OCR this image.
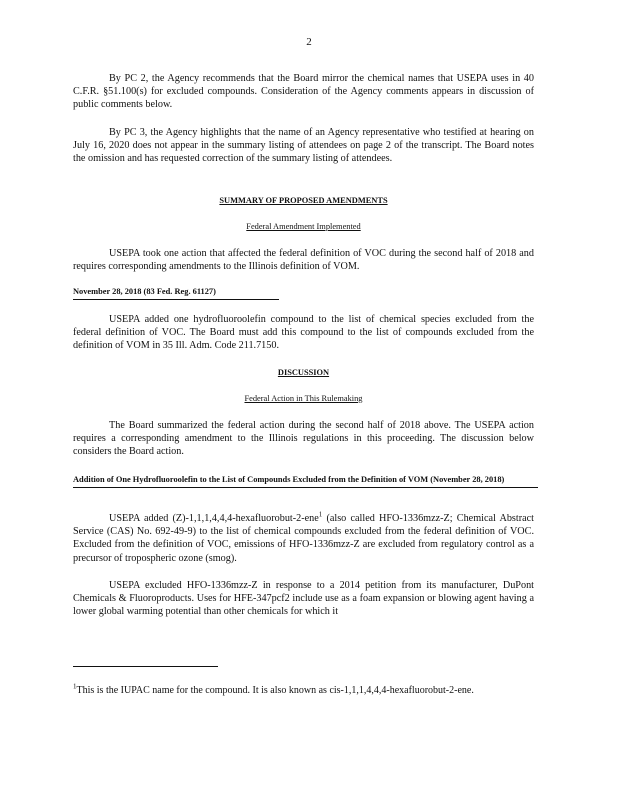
2

By PC 2, the Agency recommends that the Board mirror the chemical names that USEPA uses in 40 C.F.R. §51.100(s) for excluded compounds. Consideration of the Agency comments appears in discussion of public comments below.

By PC 3, the Agency highlights that the name of an Agency representative who testified at hearing on July 16, 2020 does not appear in the summary listing of attendees on page 2 of the transcript. The Board notes the omission and has requested correction of the summary listing of attendees.

SUMMARY OF PROPOSED AMENDMENTS

Federal Amendment Implemented

USEPA took one action that affected the federal definition of VOC during the second half of 2018 and requires corresponding amendments to the Illinois definition of VOM.

November 28, 2018 (83 Fed. Reg. 61127)

USEPA added one hydrofluoroolefin compound to the list of chemical species excluded from the federal definition of VOC. The Board must add this compound to the list of compounds excluded from the definition of VOM in 35 Ill. Adm. Code 211.7150.

DISCUSSION

Federal Action in This Rulemaking

The Board summarized the federal action during the second half of 2018 above. The USEPA action requires a corresponding amendment to the Illinois regulations in this proceeding. The discussion below considers the Board action.

Addition of One Hydrofluoroolefin to the List of Compounds Excluded from the Definition of VOM (November 28, 2018)

USEPA added (Z)-1,1,1,4,4,4-hexafluorobut-2-ene$^1$ (also called HFO-1336mzz-Z; Chemical Abstract Service (CAS) No. 692-49-9) to the list of chemical compounds excluded from the federal definition of VOC. Excluded from the definition of VOC, emissions of HFO-1336mzz-Z are excluded from regulatory control as a precursor of tropospheric ozone (smog).

USEPA excluded HFO-1336mzz-Z in response to a 2014 petition from its manufacturer, DuPont Chemicals & Fluoroproducts. Uses for HFE-347pcf2 include use as a foam expansion or blowing agent having a lower global warming potential than other chemicals for which it

$^1$This is the IUPAC name for the compound. It is also known as cis-1,1,1,4,4,4-hexafluorobut-2-ene.
